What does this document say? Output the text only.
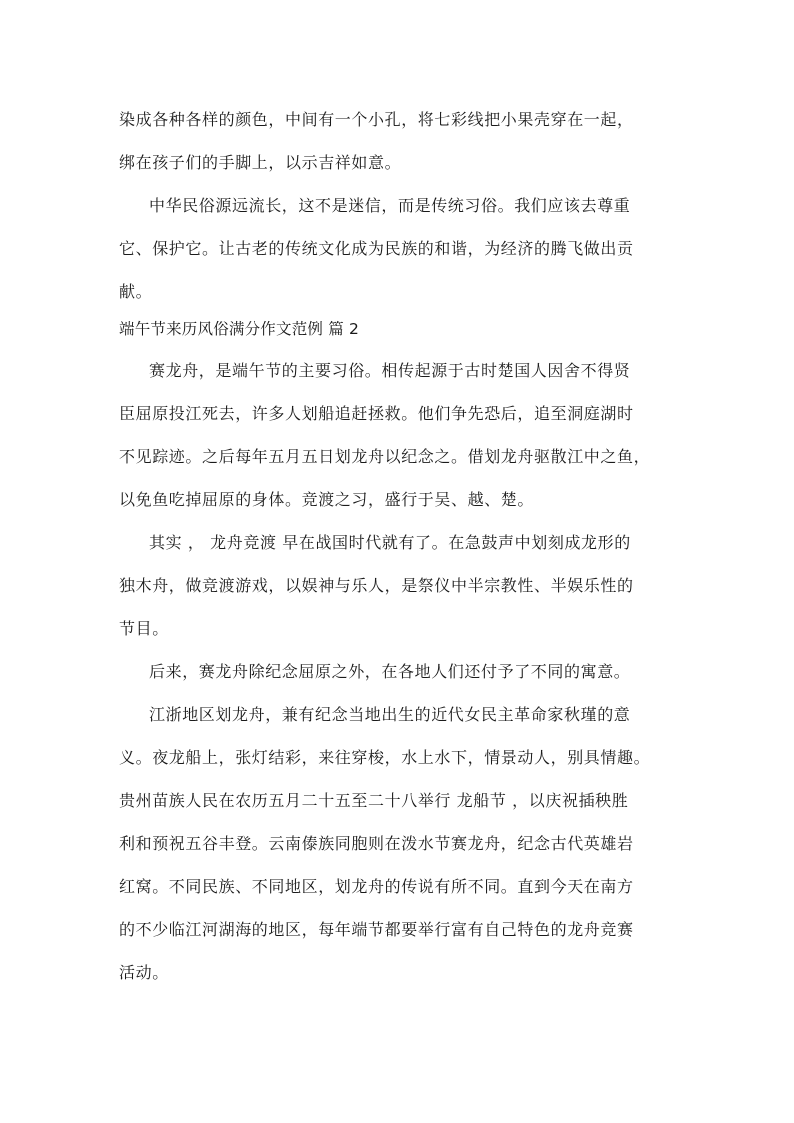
染成各种各样的颜色，中间有一个小孔，将七彩线把小果壳穿在一起，
绑在孩子们的手脚上，以示吉祥如意。
中华民俗源远流长，这不是迷信，而是传统习俗。我们应该去尊重
它、保护它。让古老的传统文化成为民族的和谐，为经济的腾飞做出贡
献。
端午节来历风俗满分作文范例 篇 2
赛龙舟，是端午节的主要习俗。相传起源于古时楚国人因舍不得贤
臣屈原投江死去，许多人划船追赶拯救。他们争先恐后，追至洞庭湖时
不见踪迹。之后每年五月五日划龙舟以纪念之。借划龙舟驱散江中之鱼，
以免鱼吃掉屈原的身体。竞渡之习，盛行于吴、越、楚。
其实 ， 龙舟竞渡 早在战国时代就有了。在急鼓声中划刻成龙形的
独木舟，做竞渡游戏，以娱神与乐人，是祭仪中半宗教性、半娱乐性的
节目。
后来，赛龙舟除纪念屈原之外，在各地人们还付予了不同的寓意。
江浙地区划龙舟，兼有纪念当地出生的近代女民主革命家秋瑾的意
义。夜龙船上，张灯结彩，来往穿梭，水上水下，情景动人，别具情趣。
贵州苗族人民在农历五月二十五至二十八举行 龙船节 ，以庆祝插秧胜
利和预祝五谷丰登。云南傣族同胞则在泼水节赛龙舟，纪念古代英雄岩
红窝。不同民族、不同地区，划龙舟的传说有所不同。直到今天在南方
的不少临江河湖海的地区，每年端节都要举行富有自己特色的龙舟竞赛
活动。
